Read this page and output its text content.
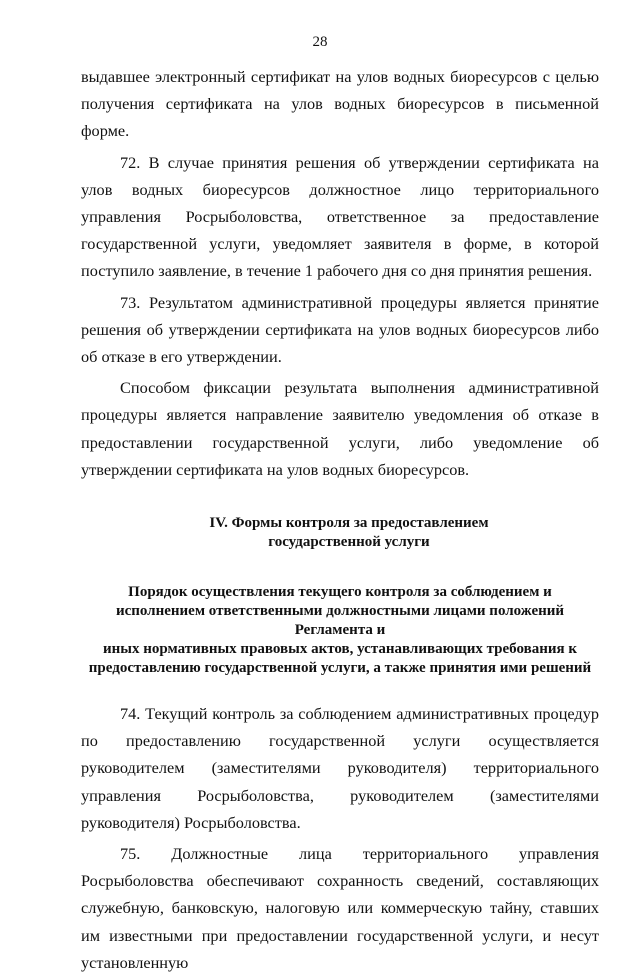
28

выдавшее электронный сертификат на улов водных биоресурсов с целью получения сертификата на улов водных биоресурсов в письменной форме.

72. В случае принятия решения об утверждении сертификата на улов водных биоресурсов должностное лицо территориального управления Росрыболовства, ответственное за предоставление государственной услуги, уведомляет заявителя в форме, в которой поступило заявление, в течение 1 рабочего дня со дня принятия решения.

73. Результатом административной процедуры является принятие решения об утверждении сертификата на улов водных биоресурсов либо об отказе в его утверждении.

Способом фиксации результата выполнения административной процедуры является направление заявителю уведомления об отказе в предоставлении государственной услуги, либо уведомление об утверждении сертификата на улов водных биоресурсов.

IV. Формы контроля за предоставлением

государственной услуги

Порядок осуществления текущего контроля за соблюдением и

исполнением ответственными должностными лицами положений Регламента и

иных нормативных правовых актов, устанавливающих требования к

предоставлению государственной услуги, а также принятия ими решений

74. Текущий контроль за соблюдением административных процедур по предоставлению государственной услуги осуществляется руководителем (заместителями руководителя) территориального управления Росрыболовства, руководителем (заместителями руководителя) Росрыболовства.

75. Должностные лица территориального управления Росрыболовства обеспечивают сохранность сведений, составляющих служебную, банковскую, налоговую или коммерческую тайну, ставших им известными при предоставлении государственной услуги, и несут установленную
